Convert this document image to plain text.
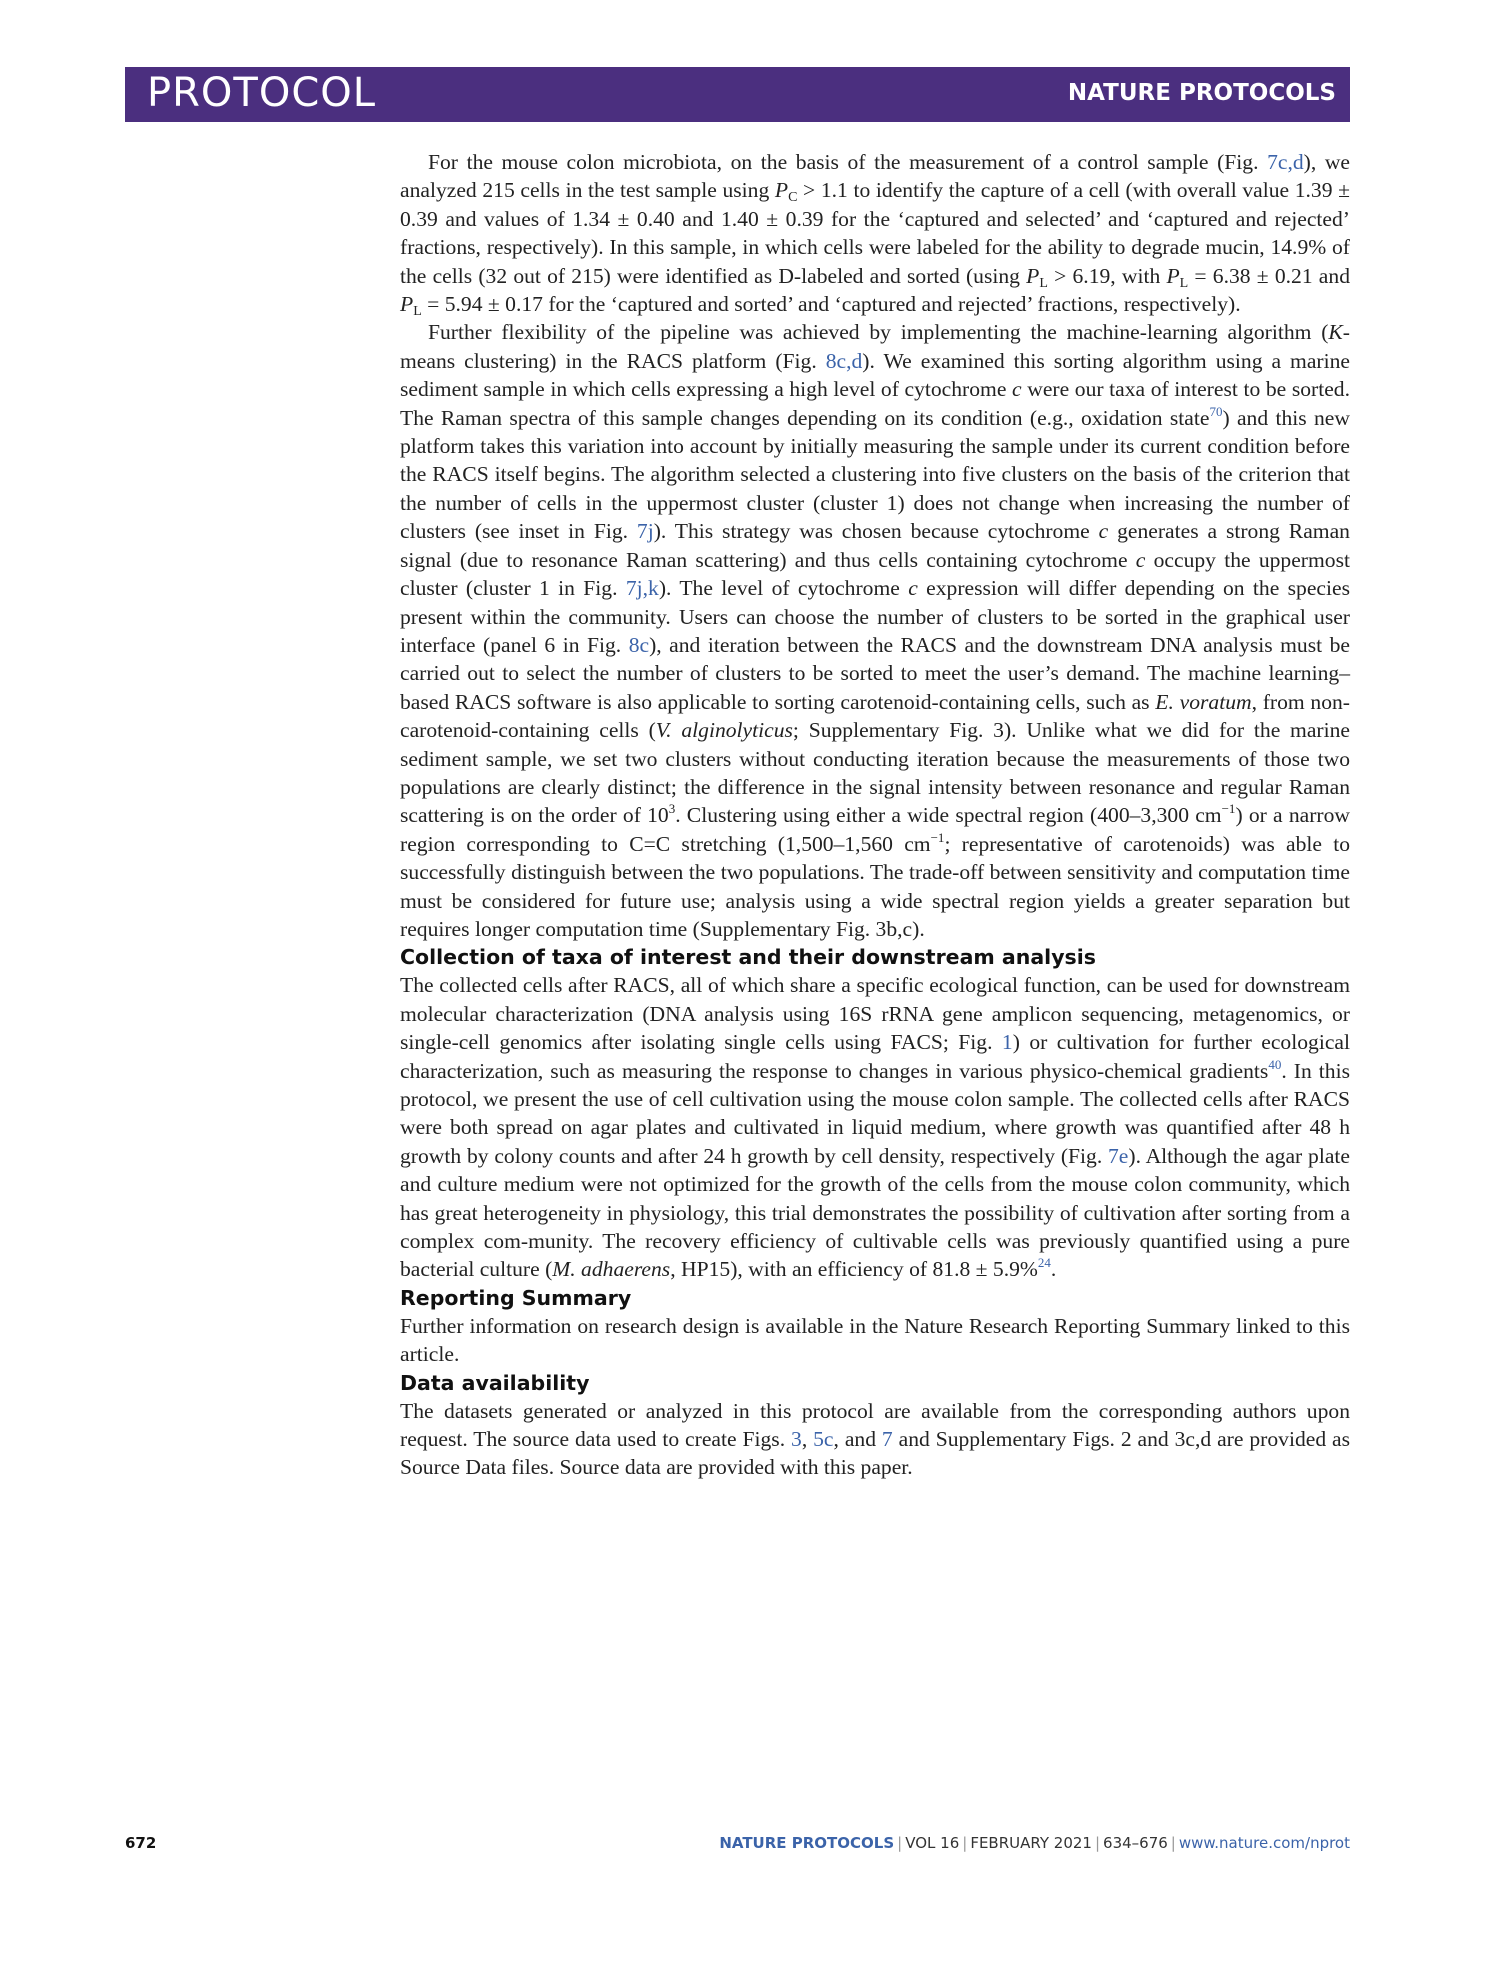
PROTOCOL	NATURE PROTOCOLS

For the mouse colon microbiota, on the basis of the measurement of a control sample (Fig. 7c,d), we analyzed 215 cells in the test sample using $P_C > 1.1$ to identify the capture of a cell (with overall value 1.39 ± 0.39 and values of 1.34 ± 0.40 and 1.40 ± 0.39 for the ‘captured and selected’ and ‘captured and rejected’ fractions, respectively). In this sample, in which cells were labeled for the ability to degrade mucin, 14.9% of the cells (32 out of 215) were identified as D-labeled and sorted (using $P_L > 6.19$, with $P_L = 6.38 \pm 0.21$ and $P_L = 5.94 \pm 0.17$ for the ‘captured and sorted’ and ‘captured and rejected’ fractions, respectively).

Further flexibility of the pipeline was achieved by implementing the machine-learning algorithm (K-means clustering) in the RACS platform (Fig. 8c,d). We examined this sorting algorithm using a marine sediment sample in which cells expressing a high level of cytochrome c were our taxa of interest to be sorted. The Raman spectra of this sample changes depending on its condition (e.g., oxidation state$^{70}$) and this new platform takes this variation into account by initially measuring the sample under its current condition before the RACS itself begins. The algorithm selected a clustering into five clusters on the basis of the criterion that the number of cells in the uppermost cluster (cluster 1) does not change when increasing the number of clusters (see inset in Fig. 7j). This strategy was chosen because cytochrome c generates a strong Raman signal (due to resonance Raman scattering) and thus cells containing cytochrome c occupy the uppermost cluster (cluster 1 in Fig. 7j,k). The level of cytochrome c expression will differ depending on the species present within the community. Users can choose the number of clusters to be sorted in the graphical user interface (panel 6 in Fig. 8c), and iteration between the RACS and the downstream DNA analysis must be carried out to select the number of clusters to be sorted to meet the user’s demand. The machine learning–based RACS software is also applicable to sorting carotenoid-containing cells, such as E. voratum, from non-carotenoid-containing cells (V. alginolyticus; Supplementary Fig. 3). Unlike what we did for the marine sediment sample, we set two clusters without conducting iteration because the measurements of those two populations are clearly distinct; the difference in the signal intensity between resonance and regular Raman scattering is on the order of $10^3$. Clustering using either a wide spectral region (400–3,300 $cm^{-1}$) or a narrow region corresponding to C=C stretching (1,500–1,560 $cm^{-1}$; representative of carotenoids) was able to successfully distinguish between the two populations. The trade-off between sensitivity and computation time must be considered for future use; analysis using a wide spectral region yields a greater separation but requires longer computation time (Supplementary Fig. 3b,c).

Collection of taxa of interest and their downstream analysis

The collected cells after RACS, all of which share a specific ecological function, can be used for downstream molecular characterization (DNA analysis using 16S rRNA gene amplicon sequencing, metagenomics, or single-cell genomics after isolating single cells using FACS; Fig. 1) or cultivation for further ecological characterization, such as measuring the response to changes in various physico-chemical gradients$^{40}$. In this protocol, we present the use of cell cultivation using the mouse colon sample. The collected cells after RACS were both spread on agar plates and cultivated in liquid medium, where growth was quantified after 48 h growth by colony counts and after 24 h growth by cell density, respectively (Fig. 7e). Although the agar plate and culture medium were not optimized for the growth of the cells from the mouse colon community, which has great heterogeneity in physiology, this trial demonstrates the possibility of cultivation after sorting from a complex com-munity. The recovery efficiency of cultivable cells was previously quantified using a pure bacterial culture (M. adhaerens, HP15), with an efficiency of 81.8 ± 5.9%$^{24}$.

Reporting Summary

Further information on research design is available in the Nature Research Reporting Summary linked to this article.

Data availability

The datasets generated or analyzed in this protocol are available from the corresponding authors upon request. The source data used to create Figs. 3, 5c, and 7 and Supplementary Figs. 2 and 3c,d are provided as Source Data files. Source data are provided with this paper.

672	NATURE PROTOCOLS | VOL 16 | FEBRUARY 2021 | 634–676 | www.nature.com/nprot
